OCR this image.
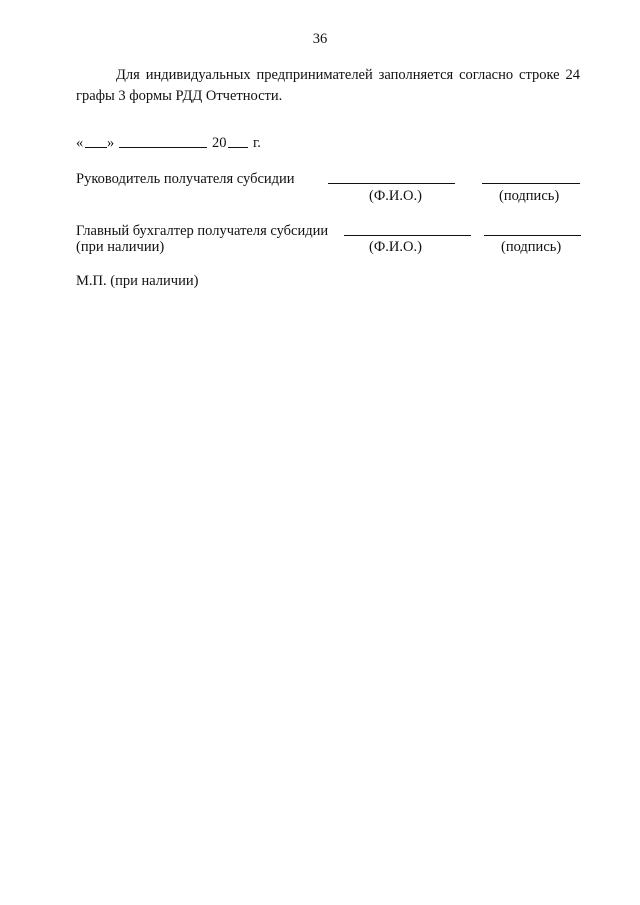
36
Для индивидуальных предпринимателей заполняется согласно строке 24
графы 3 формы РДД Отчетности.
« »	20 г.
Руководитель получателя субсидии
(Ф.И.О.)	(подпись)
Главный бухгалтер получателя субсидии
(при наличии)	(Ф.И.О.)	(подпись)
М.П. (при наличии)
